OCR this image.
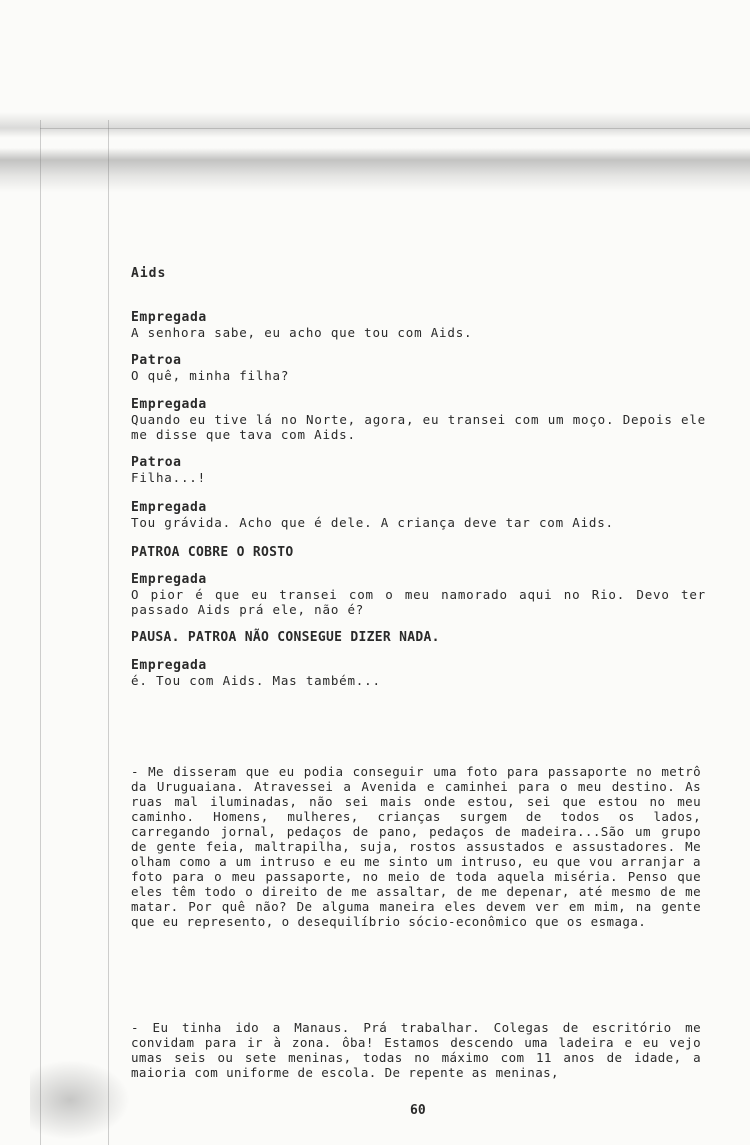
Aids

Empregada

A senhora sabe, eu acho que tou com Aids.

Patroa

O quê, minha filha?

Empregada

Quando eu tive lá no Norte, agora, eu transei com um moço. Depois ele me disse que tava com Aids.

Patroa

Filha...!

Empregada

Tou grávida. Acho que é dele. A criança deve tar com Aids.

PATROA COBRE O ROSTO

Empregada

O pior é que eu transei com o meu namorado aqui no Rio. Devo ter passado Aids prá ele, não é?

PAUSA. PATROA NÃO CONSEGUE DIZER NADA.

Empregada

é. Tou com Aids. Mas também...

- Me disseram que eu podia conseguir uma foto para passaporte no metrô da Uruguaiana. Atravessei a Avenida e caminhei para o meu destino. As ruas mal iluminadas, não sei mais onde estou, sei que estou no meu caminho. Homens, mulheres, crianças surgem de todos os lados, carregando jornal, pedaços de pano, pedaços de madeira...São um grupo de gente feia, maltrapilha, suja, rostos assustados e assustadores. Me olham como a um intruso e eu me sinto um intruso, eu que vou arranjar a foto para o meu passaporte, no meio de toda aquela miséria. Penso que eles têm todo o direito de me assaltar, de me depenar, até mesmo de me matar. Por quê não? De alguma maneira eles devem ver em mim, na gente que eu represento, o desequilíbrio sócio-econômico que os esmaga.

- Eu tinha ido a Manaus. Prá trabalhar. Colegas de escritório me convidam para ir à zona. ôba! Estamos descendo uma ladeira e eu vejo umas seis ou sete meninas, todas no máximo com 11 anos de idade, a maioria com uniforme de escola. De repente as meninas,

60
